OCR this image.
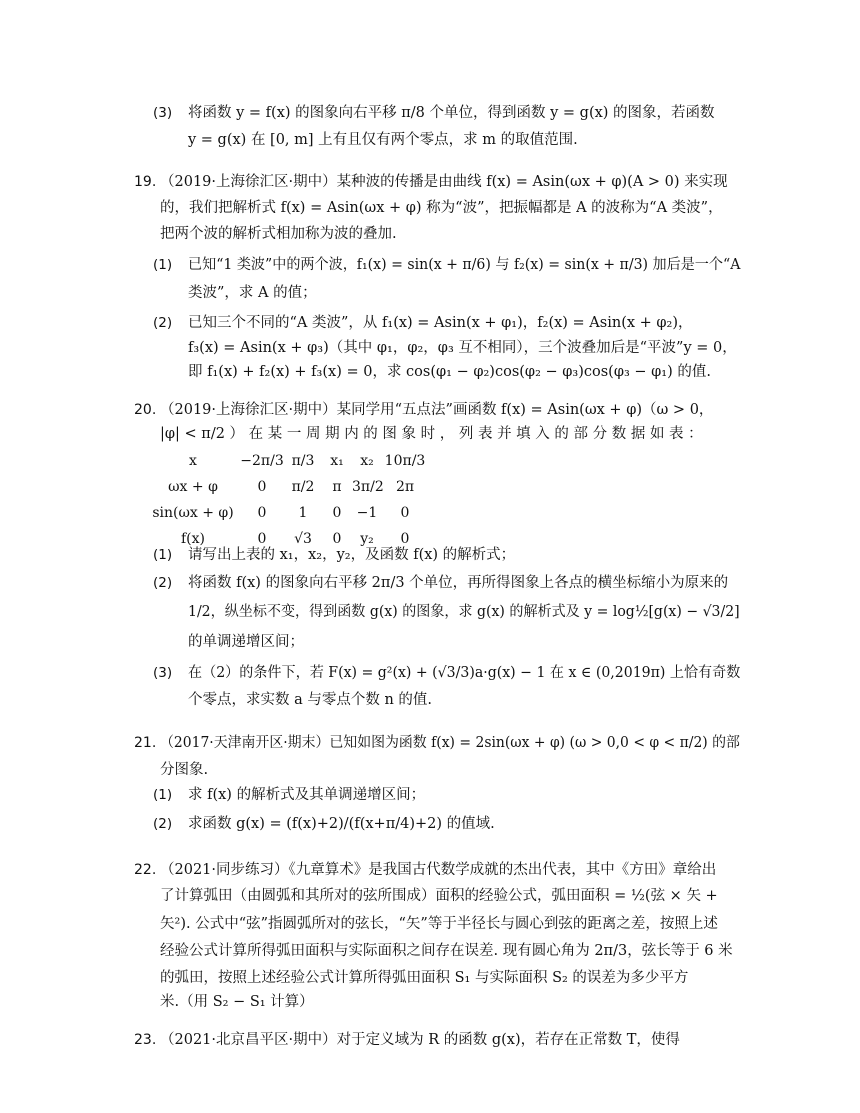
(3) 将函数 y = f(x) 的图象向右平移 π/8 个单位，得到函数 y = g(x) 的图象，若函数
y = g(x) 在 [0, m] 上有且仅有两个零点，求 m 的取值范围.
19. （2019·上海徐汇区·期中）某种波的传播是由曲线 f(x) = Asin(ωx + φ)(A > 0) 来实现
的，我们把解析式 f(x) = Asin(ωx + φ) 称为“波”，把振幅都是 A 的波称为“A 类波”，
把两个波的解析式相加称为波的叠加.
(1) 已知“1 类波”中的两个波，f₁(x) = sin(x + π/6) 与 f₂(x) = sin(x + π/3) 加后是一个“A
类波”，求 A 的值；
(2) 已知三个不同的“A 类波”，从 f₁(x) = Asin(x + φ₁)，f₂(x) = Asin(x + φ₂)，
f₃(x) = Asin(x + φ₃)（其中 φ₁，φ₂，φ₃ 互不相同），三个波叠加后是“平波”y = 0，
即 f₁(x) + f₂(x) + f₃(x) = 0，求 cos(φ₁ − φ₂)cos(φ₂ − φ₃)cos(φ₃ − φ₁) 的值.
20. （2019·上海徐汇区·期中）某同学用“五点法”画函数 f(x) = Asin(ωx + φ)（ω > 0，
|φ| < π/2 ） 在 某 一 周 期 内 的 图 象 时 ， 列 表 并 填 入 的 部 分 数 据 如 表 ：
x	−2π/3 π/3	x₁	x₂ 10π/3
ωx + φ	0	π/2	π 3π/2 2π
sin(ωx + φ)	0	1	0	−1	0
f(x)	0	√3	0	y₂	0
(1) 请写出上表的 x₁，x₂，y₂，及函数 f(x) 的解析式；
(2) 将函数 f(x) 的图象向右平移 2π/3 个单位，再所得图象上各点的横坐标缩小为原来的
1/2，纵坐标不变，得到函数 g(x) 的图象，求 g(x) 的解析式及 y = log½[g(x) − √3/2]
的单调递增区间；
(3) 在（2）的条件下，若 F(x) = g²(x) + (√3/3)a·g(x) − 1 在 x ∈ (0,2019π) 上恰有奇数
个零点，求实数 a 与零点个数 n 的值.
21. （2017·天津南开区·期末）已知如图为函数 f(x) = 2sin(ωx + φ) (ω > 0,0 < φ < π/2) 的部
分图象.
(1) 求 f(x) 的解析式及其单调递增区间；
(2) 求函数 g(x) = (f(x)+2)/(f(x+π/4)+2) 的值域.
22. （2021·同步练习）《九章算术》是我国古代数学成就的杰出代表，其中《方田》章给出
了计算弧田（由圆弧和其所对的弦所围成）面积的经验公式，弧田面积 = ½(弦 × 矢 +
矢²). 公式中“弦”指圆弧所对的弦长，“矢”等于半径长与圆心到弦的距离之差，按照上述
经验公式计算所得弧田面积与实际面积之间存在误差. 现有圆心角为 2π/3，弦长等于 6 米
的弧田，按照上述经验公式计算所得弧田面积 S₁ 与实际面积 S₂ 的误差为多少平方
米.（用 S₂ − S₁ 计算）
23. （2021·北京昌平区·期中）对于定义域为 R 的函数 g(x)，若存在正常数 T，使得
